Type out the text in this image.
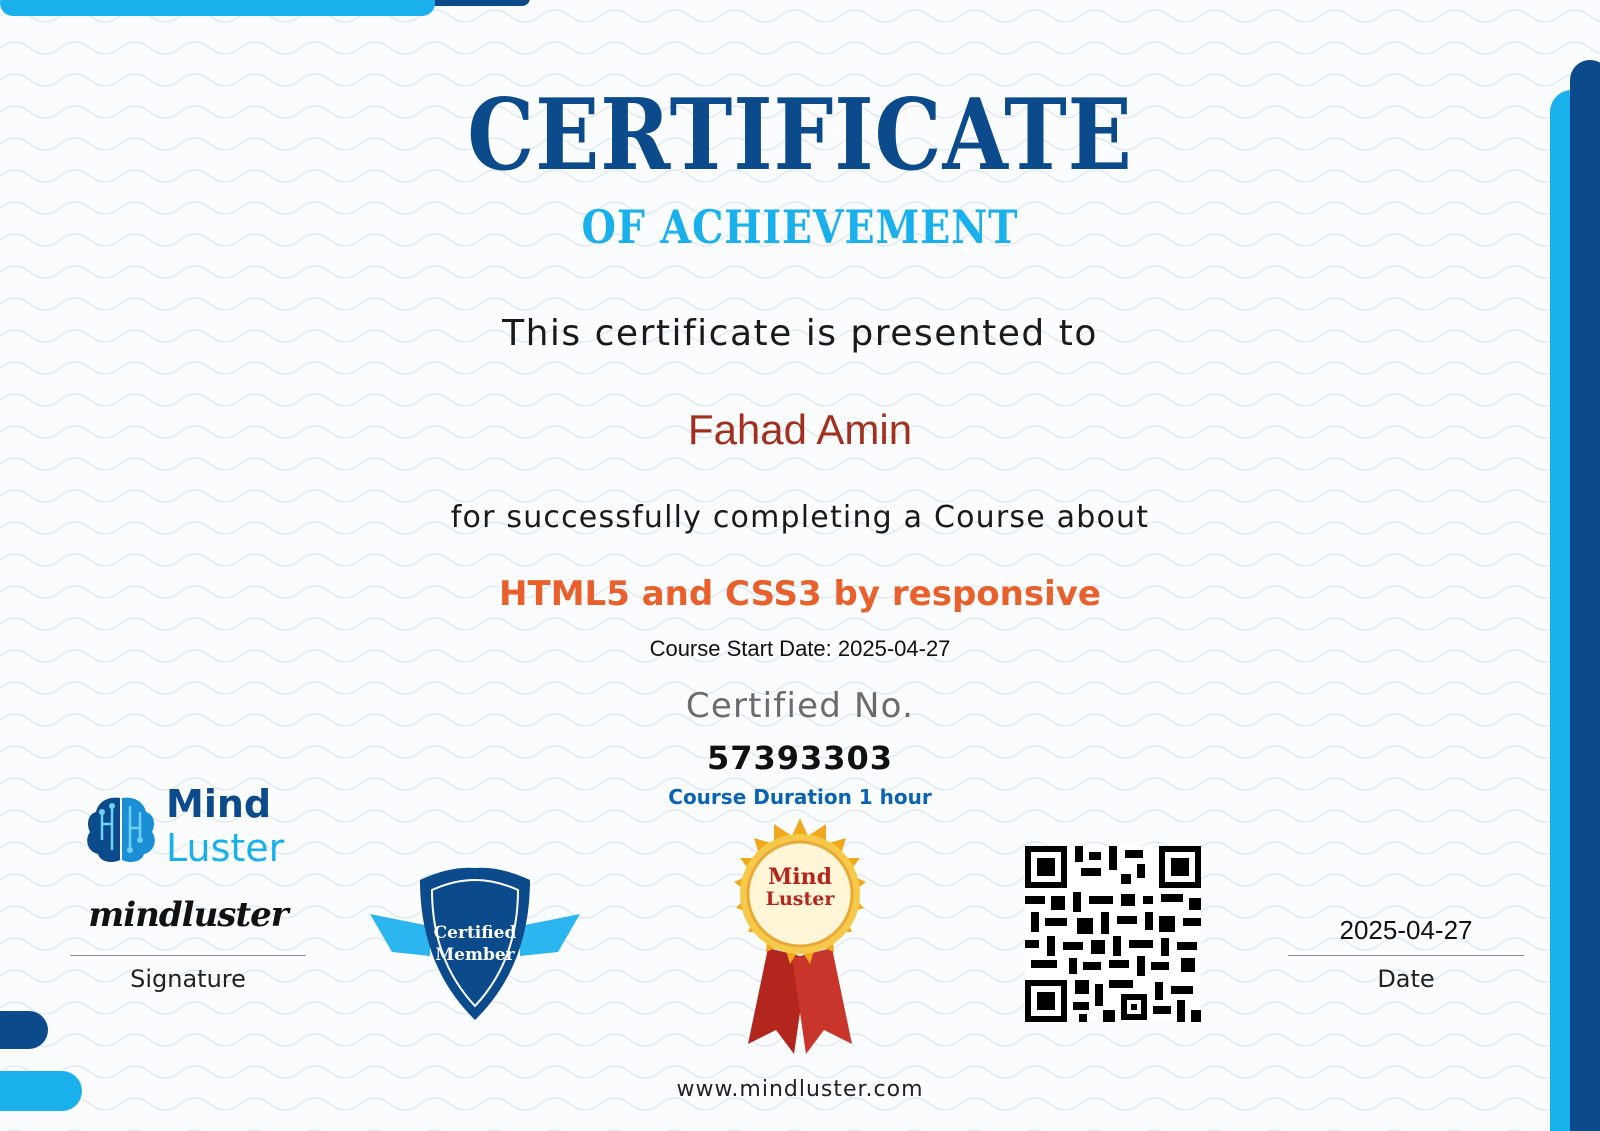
CERTIFICATE
OF ACHIEVEMENT
This certificate is presented to
Fahad Amin
for successfully completing a Course about
HTML5 and CSS3 by responsive
Course Start Date: 2025-04-27
Certified No.
57393303
Course Duration 1 hour
www.mindluster.com
Mind
Luster
mindluster
Signature
Certified
Member
Mind
Luster
2025-04-27
Date
